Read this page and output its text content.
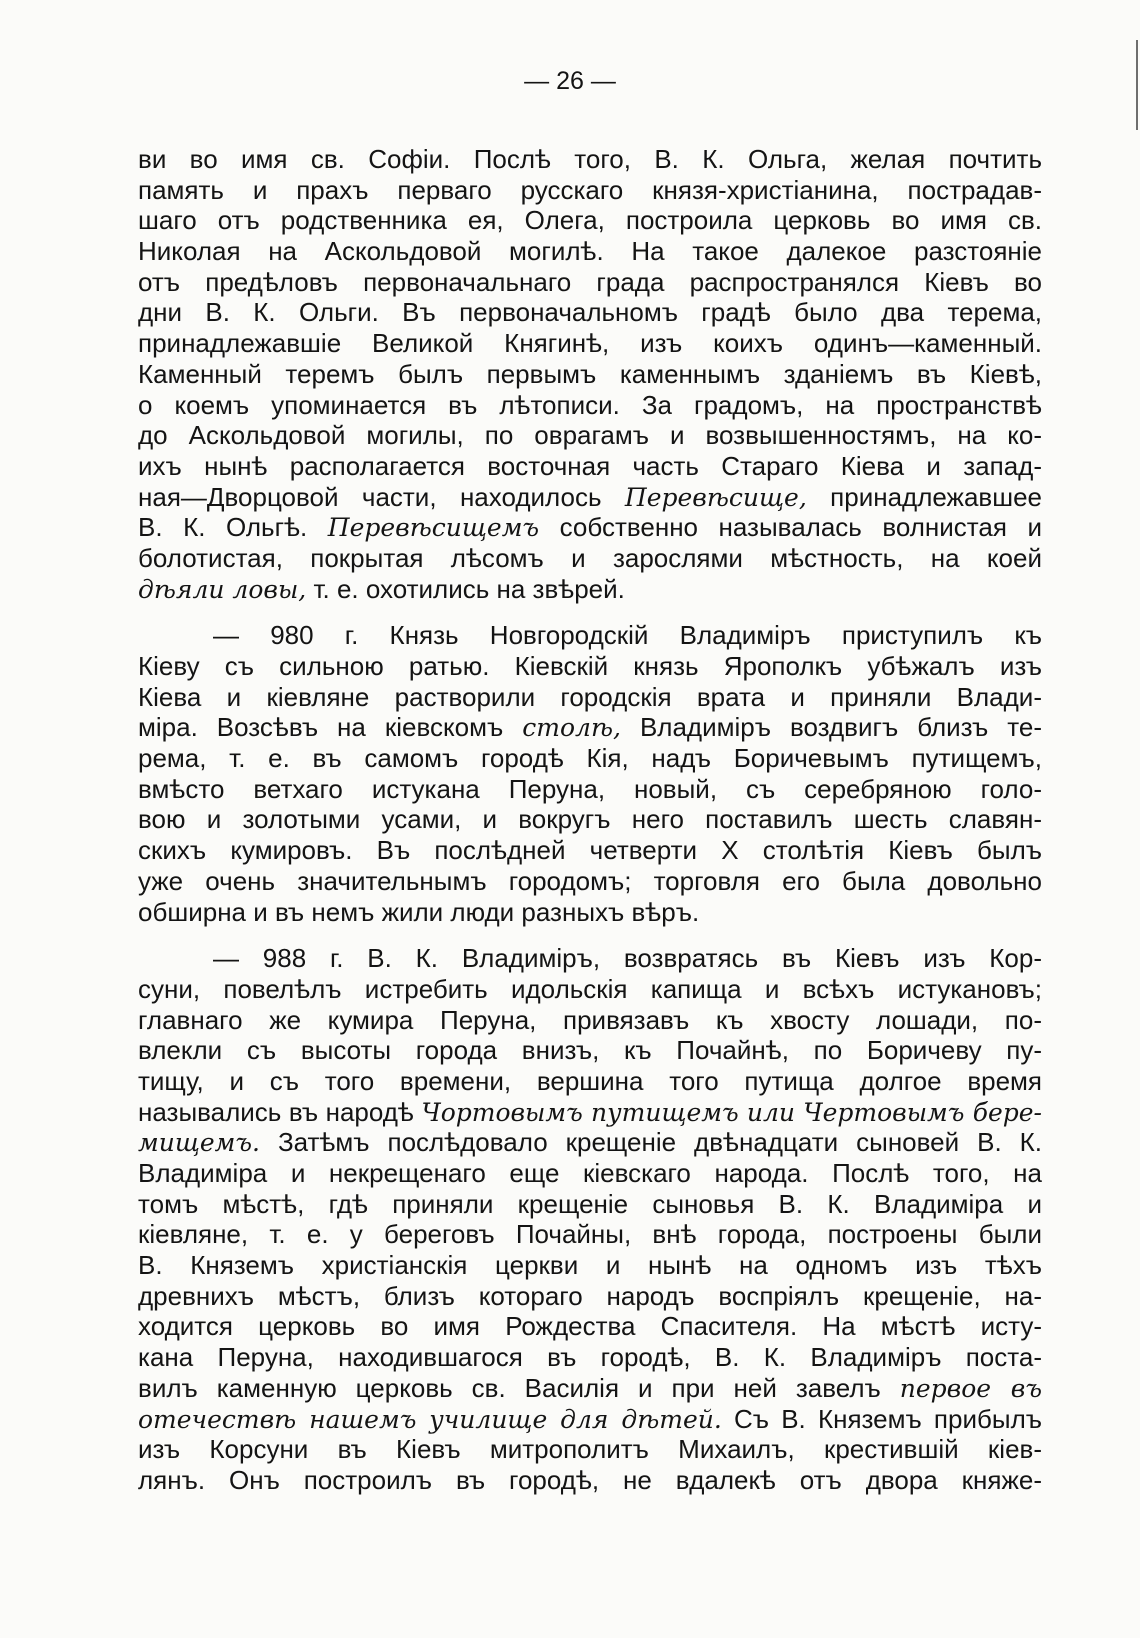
— 26 —
ви во имя св. Софіи. Послѣ того, В. К. Ольга, желая почтить
память и прахъ перваго русскаго князя-христіанина, пострадав-
шаго отъ родственника ея, Олега, построила церковь во имя св.
Николая на Аскольдовой могилѣ. На такое далекое разстояніе
отъ предѣловъ первоначальнаго града распространялся Кіевъ во
дни В. К. Ольги. Въ первоначальномъ градѣ было два терема,
принадлежавшіе Великой Княгинѣ, изъ коихъ одинъ—каменный.
Каменный теремъ былъ первымъ каменнымъ зданіемъ въ Кіевѣ,
о коемъ упоминается въ лѣтописи. За градомъ, на пространствѣ
до Аскольдовой могилы, по оврагамъ и возвышенностямъ, на ко-
ихъ нынѣ располагается восточная часть Стараго Кіева и запад-
ная—Дворцовой части, находилось Перевѣсище, принадлежавшее
В. К. Ольгѣ. Перевѣсищемъ собственно называлась волнистая и
болотистая, покрытая лѣсомъ и зарослями мѣстность, на коей
дѣяли ловы, т. е. охотились на звѣрей.
— 980 г. Князь Новгородскій Владиміръ приступилъ къ
Кіеву съ сильною ратью. Кіевскій князь Ярополкъ убѣжалъ изъ
Кіева и кіевляне растворили городскія врата и приняли Влади-
міра. Возсѣвъ на кіевскомъ столѣ, Владиміръ воздвигъ близъ те-
рема, т. е. въ самомъ городѣ Кія, надъ Боричевымъ путищемъ,
вмѣсто ветхаго истукана Перуна, новый, съ серебряною голо-
вою и золотыми усами, и вокругъ него поставилъ шесть славян-
скихъ кумировъ. Въ послѣдней четверти X столѣтія Кіевъ былъ
уже очень значительнымъ городомъ; торговля его была довольно
обширна и въ немъ жили люди разныхъ вѣръ.
— 988 г. В. К. Владиміръ, возвратясь въ Кіевъ изъ Кор-
суни, повелѣлъ истребить идольскія капища и всѣхъ истукановъ;
главнаго же кумира Перуна, привязавъ къ хвосту лошади, по-
влекли съ высоты города внизъ, къ Почайнѣ, по Боричеву пу-
тищу, и съ того времени, вершина того путища долгое время
назывались въ народѣ Чортовымъ путищемъ или Чертовымъ бере-
мищемъ. Затѣмъ послѣдовало крещеніе двѣнадцати сыновей В. К.
Владиміра и некрещенаго еще кіевскаго народа. Послѣ того, на
томъ мѣстѣ, гдѣ приняли крещеніе сыновья В. К. Владиміра и
кіевляне, т. е. у береговъ Почайны, внѣ города, построены были
В. Княземъ христіанскія церкви и нынѣ на одномъ изъ тѣхъ
древнихъ мѣстъ, близъ котораго народъ воспріялъ крещеніе, на-
ходится церковь во имя Рождества Спасителя. На мѣстѣ исту-
кана Перуна, находившагося въ городѣ, В. К. Владиміръ поста-
вилъ каменную церковь св. Василія и при ней завелъ первое въ
отечествѣ нашемъ училище для дѣтей. Съ В. Княземъ прибылъ
изъ Корсуни въ Кіевъ митрополитъ Михаилъ, крестившій кіев-
лянъ. Онъ построилъ въ городѣ, не вдалекѣ отъ двора княже-
